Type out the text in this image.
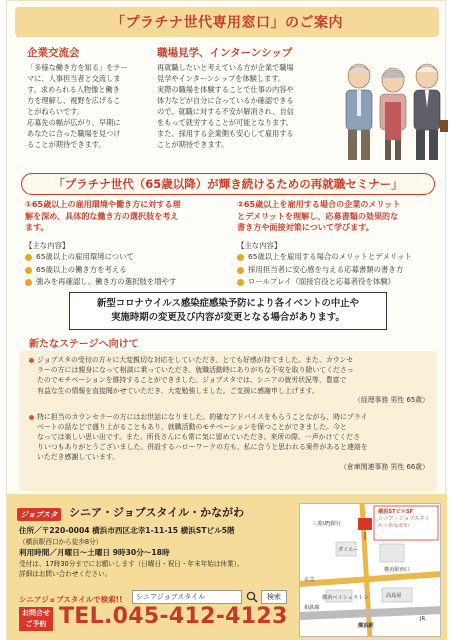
「プラチナ世代専用窓口」のご案内
企業交流会
「多様な働き方を知る」をテー
マに、人事担当者と交流しま
す。求められる人物像と働き
方を理解し、視野を広げるこ
とがねらいです。
応募先の幅が広がり、早期に
あなたに合った職場を見つけ
ることが期待できます。
職場見学、インターンシップ
再就職したいと考えている方が企業で職場
見学やインターンシップを体験します。
実際の職場を体験することで仕事の内容や
体力などが自分に合っているか確認できる
ので、就職に対する不安が解消され、自信
をもって就労することが可能となります。
また、採用する企業側も安心して雇用する
ことが期待できます。
「プラチナ世代（65歳以降）が輝き続けるための再就職セミナー」
①65歳以上の雇用環境や働き方に対する理
解を深め、具体的な働き方の選択肢を考え
ます。
【主な内容】
65歳以上の雇用環境について
65歳以上の働き方を考える
強みを再確認し、働き方の選択肢を増やす
②65歳以上を雇用する場合の企業のメリット
とデメリットを理解し、応募書類の効果的な
書き方や面接対策について学びます。
【主な内容】
65歳以上を雇用する場合のメリットとデメリット
採用担当者に安心感を与える応募書類の書き方
ロールプレイ（面接官役と応募者役を体験）
新型コロナウイルス感染症感染予防により各イベントの中止や
実施時期の変更及び内容が変更となる場合があります。
新たなステージへ向けて
ジョブスタの受付の方々に大変親切な対応をしていただき、とても好感が持てました。また、カウンセ
ラーの方には親身になって相談に乗っていただき、就職活動時にありがちな不安を取り除いてくださっ
たのでモチベーションを維持することができました。ジョブスタでは、シニアの就労状況等、豊富で
有益な生の情報を直接聞かせていただき、大変勉強しました。ご支援に感謝申し上げます。
（経理事務 男性 65歳）
特に担当のカウンセラーの方にはお世話になりました。的確なアドバイスをもらうことながら、時にプライ
ベートの話などで盛り上がることもあり、就職活動のモチベーションを保つことができました。今と
なっては楽しい思い出です。また、所長さんにも常に気に留めていただき、来所の際、一声かけてくださ
りいつもありがとうございました。併設するハローワークの方も、私に合うと思われる案件があると連絡を
いただき感謝しています。
（倉庫関連事務 男性 66歳）
ジョブスタ	シニア・ジョブスタイル・かながわ
住所／〒220-0004 横浜市西区北幸1-11-15 横浜STビル5階
（横浜駅西口から徒歩8分）
利用時間／月曜日〜土曜日 9時30分〜18時
受付は、17時30分までにお願いします（日曜日・祝日・年末年始は休業）。
詳細はお問い合わせください。
シニアジョブスタイルで検索!!	シニアジョブスタイル	検索
お問合せ ご予約 TEL.045-412-4123
横浜STビル5F
シニア・ジョブスタイル・かながわ
三菱UFJ銀行
横浜駅西口
ダイエー
横浜ベイシェラトン	高島屋
相鉄線
横浜駅
JR
京急
